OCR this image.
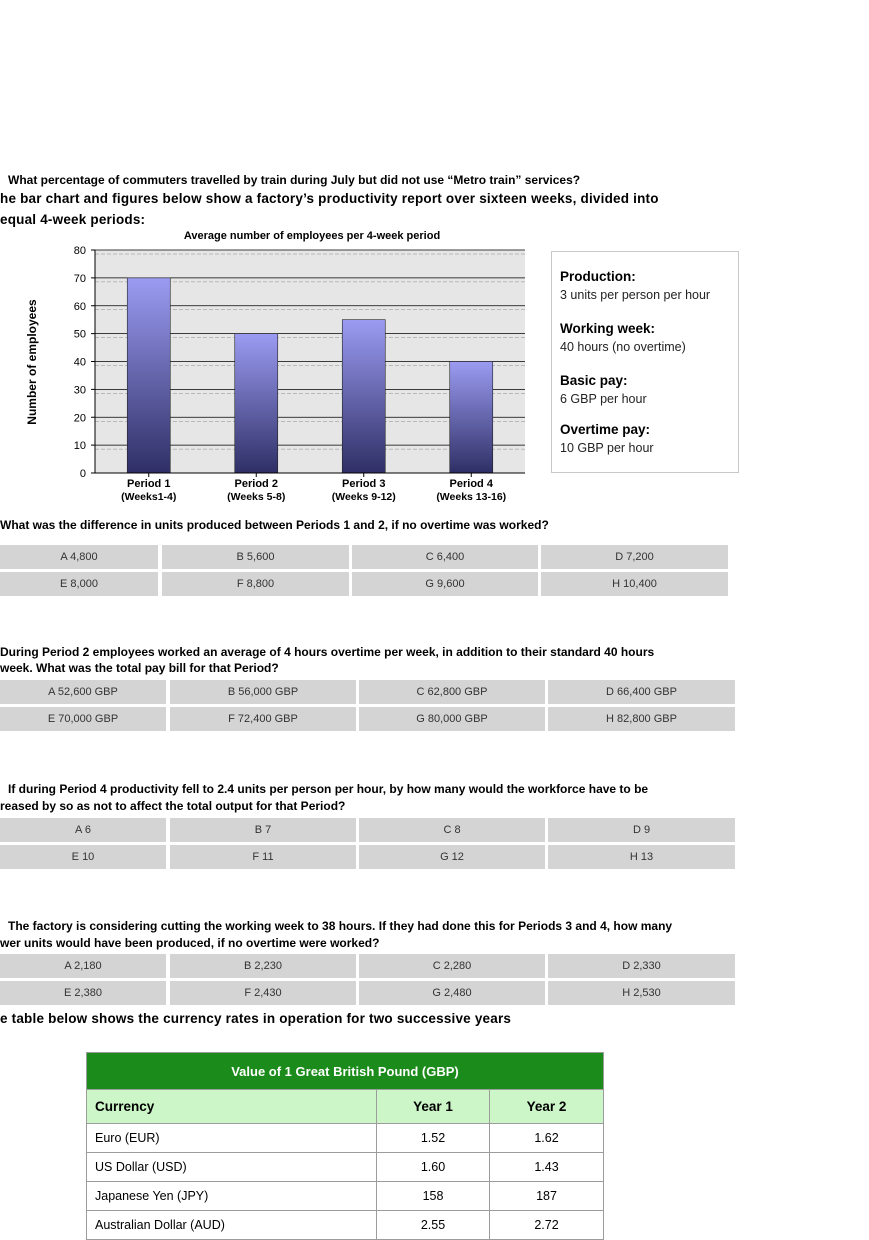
What percentage of commuters travelled by train during July but did not use “Metro train” services?
he bar chart and figures below show a factory’s productivity report over sixteen weeks, divided into
equal 4-week periods:
Average number of employees per 4-week period
Number of employees
0
10
20
30
40
50
60
70
80
Period 1
(Weeks1-4)
Period 2
(Weeks 5-8)
Period 3
(Weeks 9-12)
Period 4
(Weeks 13-16)
Production:
3 units per person per hour
Working week:
40 hours (no overtime)
Basic pay:
6 GBP per hour
Overtime pay:
10 GBP per hour
What was the difference in units produced between Periods 1 and 2, if no overtime was worked?
A 4,800	B 5,600	C 6,400	D 7,200
E 8,000	F 8,800	G 9,600	H 10,400
During Period 2 employees worked an average of 4 hours overtime per week, in addition to their standard 40 hours
week. What was the total pay bill for that Period?
A 52,600 GBP	B 56,000 GBP	C 62,800 GBP	D 66,400 GBP
E 70,000 GBP	F 72,400 GBP	G 80,000 GBP	H 82,800 GBP
If during Period 4 productivity fell to 2.4 units per person per hour, by how many would the workforce have to be
reased by so as not to affect the total output for that Period?
A 6	B 7	C 8	D 9
E 10	F 11	G 12	H 13
The factory is considering cutting the working week to 38 hours. If they had done this for Periods 3 and 4, how many
wer units would have been produced, if no overtime were worked?
A 2,180	B 2,230	C 2,280	D 2,330
E 2,380	F 2,430	G 2,480	H 2,530
e table below shows the currency rates in operation for two successive years
Value of 1 Great British Pound (GBP)		
Currency	Year 1	Year 2
Euro (EUR)	1.52	1.62
US Dollar (USD)	1.60	1.43
Japanese Yen (JPY)	158	187
Australian Dollar (AUD)	2.55	2.72
